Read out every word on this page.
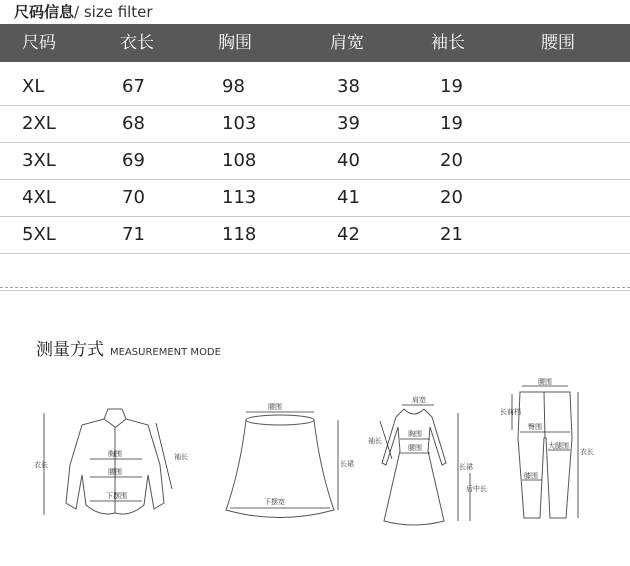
尺码信息/ size filter
尺码	衣长	胸围	肩宽	袖长	腰围
XL	67	98	38	19
2XL	68	103	39	19
3XL	69	108	40	20
4XL	70	113	41	20
5XL	71	118	42	21
测量方式 MEASUREMENT MODE
胸围
腰围
下摆围
衣长
袖长
腰围
下摆宽
长裙
肩宽
胸围
腰围
袖长
长裙
后中长
腰围
臀围
大腿围
膝围
长前档
衣长
